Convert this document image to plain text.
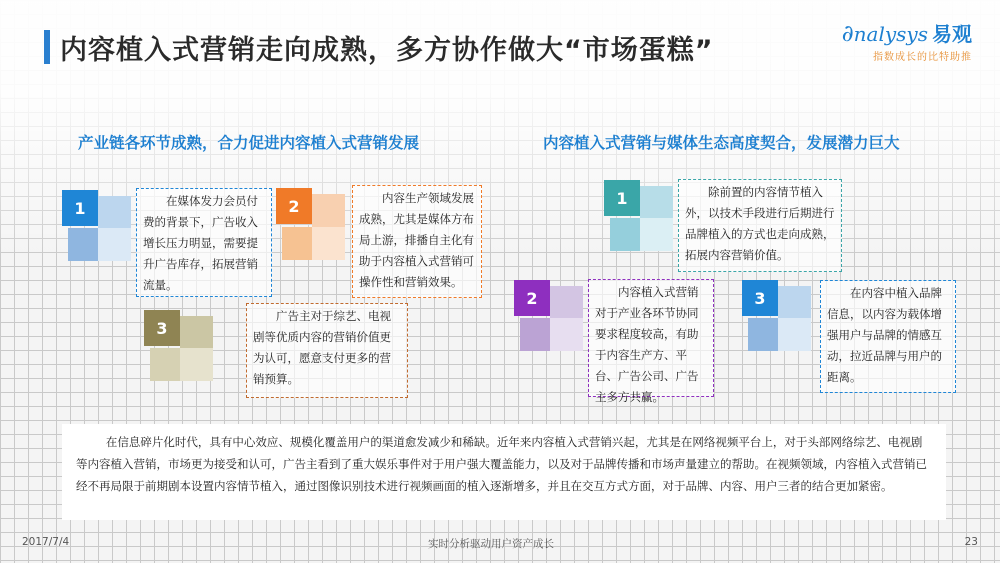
内容植入式营销走向成熟，多方协作做大“市场蛋糕”
∂nalysys 易观
指数成长的比特助推
产业链各环节成熟，合力促进内容植入式营销发展
1	在媒体发力会员付费的背景下，广告收入增长压力明显，需要提升广告库存，拓展营销流量。

2	内容生产领域发展成熟，尤其是媒体方布局上游，排播自主化有助于内容植入式营销可操作性和营销效果。

3

广告主对于综艺、电视剧等优质内容的营销价值更为认可，愿意支付更多的营销预算。

内容植入式营销与媒体生态高度契合，发展潜力巨大
1	除前置的内容情节植入外，以技术手段进行后期进行品牌植入的方式也走向成熟，拓展内容营销价值。

2	内容植入式营销对于产业各环节协同要求程度较高，有助于内容生产方、平台、广告公司、广告主多方共赢。

3	在内容中植入品牌信息，以内容为载体增强用户与品牌的情感互动，拉近品牌与用户的距离。

在信息碎片化时代，具有中心效应、规模化覆盖用户的渠道愈发减少和稀缺。近年来内容植入式营销兴起，尤其是在网络视频平台上，对于头部网络综艺、电视剧等内容植入营销，市场更为接受和认可，广告主看到了重大娱乐事件对于用户强大覆盖能力，以及对于品牌传播和市场声量建立的帮助。在视频领域，内容植入式营销已经不再局限于前期剧本设置内容情节植入，通过图像识别技术进行视频画面的植入逐渐增多，并且在交互方式方面，对于品牌、内容、用户三者的结合更加紧密。

2017/7/4	实时分析驱动用户资产成长	23
